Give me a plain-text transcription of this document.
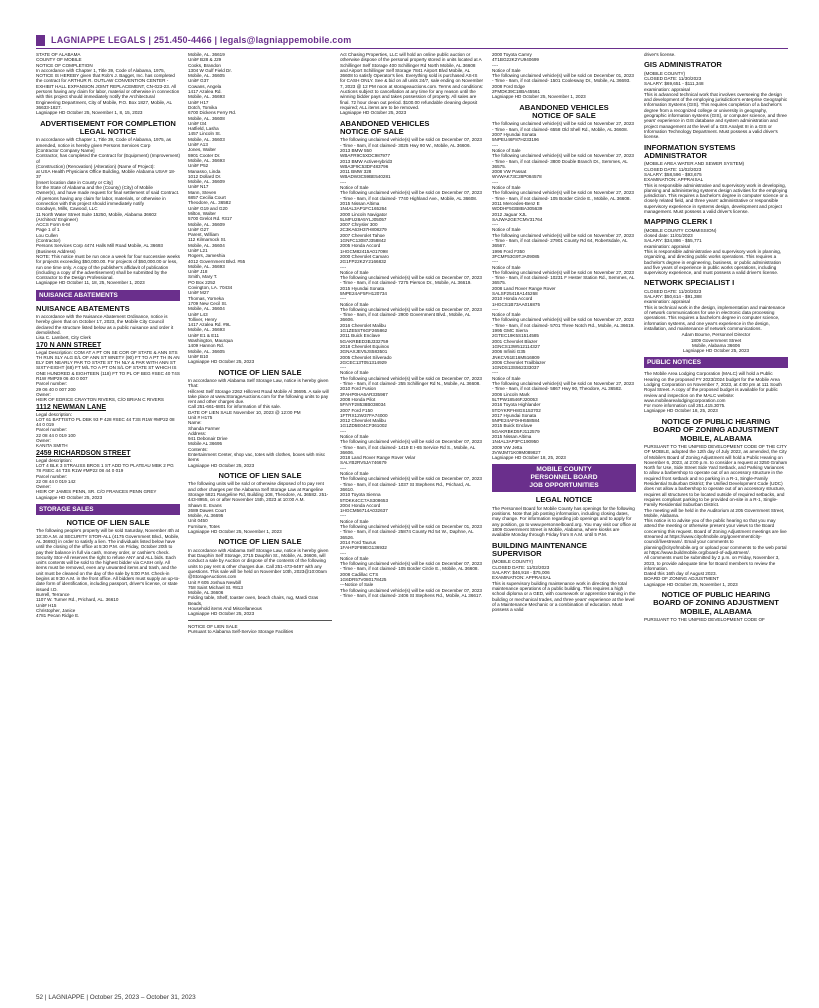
LAGNIAPPE LEGALS | 251.450-4466 | legals@lagniappemobile.com

STATE OF ALABAMA
COUNTY OF MOBILE
NOTICE OF COMPLETION
In accordance with Chapter 1, Title 39, Code of Alabama, 1975, NOTICE IS HEREBY given that Rob's J. Bagget, Inc. has completed the contract for ARTHUR R. OUTLAW CONVENTION CENTER - EXHIBIT HALL EXPANSION JOINT REPLACEMENT, CN-023-23. All persons having any claim for labor, material or otherwise in connection with this project should immediately notify the Architectural Engineering Department, City of Mobile, P.O. Box 1827, Mobile, AL 36633-1827.
Lagniappe HD October 25, November 1, 8, 15, 2023

ADVERTISEMENT FOR COMPLETION
LEGAL NOTICE

In accordance with Chapter 1, Title 39, Code of Alabama, 1975, as amended, notice is hereby given Persons Services Corp
[Contractor Company Name]
Contractor, has completed the Contract for (Equipment) (Improvement) of
(Construction) (Renovation) (Alteration) (Name of Project):
at USA Health Physicians Office Building, Mobile Alabama USA# 18-37
[Insert location date in County or City]
for the State of Alabama and the (County) (City) of Mobile
Owner(s), and have made request for final settlement of said Contract. All persons having any claim for labor, materials, or otherwise in connection with this project should immediately notify
Goodwyn, Mills, Cawood, LLC
11 North Water Street Suite 15250, Mobile, Alabama 36602
(Architect/ Engineer)
ACCS Form 6-M
Page 1 of 1
Lou Cullen
(Contractor)
Persons Services Corp 4474 Halls Mill Road Mobile, AL 36693
(Business Address)
NOTE: This notice must be run once a week for four successive weeks for projects exceeding $50,000.00. For projects of $50,000.00 or less, run one time only. A copy of the publisher's affidavit of publication (including a copy of the advertisement) shall be submitted by the Contractor to the Design Professional.
Lagniappe HD October 11, 18, 25, November 1, 2023

NUISANCE ABATEMENTS
NUISANCE ABATEMENTS

In accordance with the Nuisance Abatement Ordinance, notice is hereby given that on October 17, 2023, the Mobile City Council declared the structure listed below as a public nuisance and order it demolished.
Lisa C. Lambert, City Clerk

170 N ANN STREET

Legal Description: COM AT A PT ON SE COR OF STATE & ANN STS TH RUN SLY ALG E/L OF ANN ST WNETY (90) FT TO A PT TH IN AN ELY DIR NEARLY PAR TO STATE ST TH NLY & PAR WITH ANN ST SIXTY-EIGHT (68) FT M/L TO A PT ON S/L OF STATE ST WHICH IS ONE HUNDRED & EIGHTEEN (118) FT TO PL OF BEG #SEC 40 T4S R1W #MP29 06 40 0 007
Parcel number:
29 06 40 0 007 200
Owner:
HEIR OF EDRICE CRAYTON RIVERS, C/O BRIAN C RIVERS

1112 NEWMAN LANE

Legal description:
LOT 61 BATTISTO PL DBK 93 P 428 #SEC 44 T3S R1W #MP22 08 44 0 019
Parcel number:
22 08 44 0 019 100
Owner:
KANITA SMITH

2459 RICHARDSON STREET

Legal description:
LOT 4 BLK 3 STRAUSS BROS 1 ST ADD TO PLATEAU MBK 2 PG 78 #SEC 44 T3S R1W #MP22 08 44 0 019
Parcel number:
22 08 44 0 019 142
Owner:
HEIR OF JAMES PENN, SR. C/O FRANCES PENN GREY
Lagniappe HD October 25, 2023

STORAGE SALES
NOTICE OF LIEN SALE

The following people's property will be sold Saturday, November 4th at 10:30 A.M. at SECURITY STOR-ALL (4175 Government Blvd., Mobile, AL 36693) in order to satisfy a lien. The individuals listed below have until the closing of the office at 5:30 P.M. on Friday, October 20th to pay their balance in full via cash, money order, or cashier's check.
Security Stor-All reserves the right to refuse ANY and ALL bids. Each unit's contents will be sold to the highest bidder via CASH only. All items must be removed, even any unwanted items and trash, and the unit must be cleaned on the day of the sale by 5:00 P.M. Check-in begins at 9:30 A.M. in the front office. All bidders must supply an up-to-date form of identification, including passport, driver's license, or state issued I.D.
Burrell, Terrance
1107 W. Turner Rd., Prichard, AL. 36610
Unit# H15
Christopher, Janice
4781 Pecan Ridge E.

Mobile, AL. 36619
Unit# B28 & J29
Cooks, Brandon
1304 W Gulf Field Dr.
Mobile, AL. 36605
Unit# G37
Cowans, Angela
1417 Azalea Rd.
Mobile, AL. 36693
Unit# H17
Dotch, Tomika
6700 Dickens Ferry Rd.
Mobile, AL. 36608
Unit# I34
Hatfield, Lasha
1457 Lincoln St.
Mobile, AL. 36603
Unit# A13
Jones, Walter
5901 Cooter Dr.
Mobile, AL. 36693
Unit# P52
Manasso, Linda
1012 Dollard Dr.
Mobile, AL. 36609
Unit# N17
Mann, Steven
6857 Cecilia Court
Theodore, AL. 36582
Unit# G19 and G20
Milton, Walter
5700 Grelot Rd. #317
Mobile, AL. 36609
Unit# G27
Parent, William
112 Kilmarnock St.
Mobile, AL. 36604
Unit# L21
Rogers, Jameshia
4012 Government Blvd. #55
Mobile, AL. 36693
Unit# J18
Smith, Mary T.
PO Box 2252
Covington, LA. 70434
Unit# M27
Thomas, Yorneka
1709 New Cecil St.
Mobile, AL. 36604
Unit# L43
Tolliver, Henry
1417 Azalea Rd. #9L
Mobile, AL. 36693
Unit# E1 & E11
Washington, Maurqua
1409 Hannon Rd.
Mobile, AL. 36605
Unit# B10
Lagniappe HD October 25, 2023

NOTICE OF LIEN SALE

In accordance with Alabama Self Storage Law, notice is hereby given
That:
Hillcrest Self Storage 2262 Hillcrest Road Mobile Al 36695. A sale will take place at www.StorageAuctions.com for the following units to pay rent and other charges due.
Call 251-661-6801 for information of this sale.
DATE OF LIEN SALE November 10, 2023 @ 12:00 PM
Unit # H175
Name:
Shanda Farmer
Address:
941 Debonair Drive
Mobile AL 36695
Contents:
Entertainment Center, shop vac, totes with clothes, boxes with misc items
Lagniappe HD October 25, 2023

NOTICE OF LIEN SALE

The following units will be sold or otherwise disposed of to pay rent and other charges per the Alabama Self Storage Law at Rangeline Storage 5821 Rangeline Rd, Building 108, Theodore, AL 36582. 251-443-8955, on or after November 15th, 2023 at 10:00 A.M.
Shawn E. Evans
2689 Dawes Court
Mobile, AL 36695
Unit 0450
Furniture, Totes
Lagniappe HD October 25, November 1, 2023

NOTICE OF LIEN SALE

In accordance with Alabama Self Storage Law, notice is hereby given that Dauphin Self Storage, 2715 Dauphin St., Mobile, AL 36606, will conduct a sale by Auction or dispose of the contents of the following units to pay rent & other charges due. Call 251-473-6497 with any questions. This sale will be held on November 10th, 2023@10:00am @StorageAuctions.com
Unit # 605 Joshua Newbill
758 Saint Michael St. #813
Mobile, AL 36606
Folding table, Shelf, toaster oven, beach chairs, rug, Mardi Gras Beads,
Household items And Miscellaneous
Lagniappe HD October 25, 2023

NOTICE OF LIEN SALE
Pursuant to Alabama Self-Service Storage Facilities

Act Chasing Properties, LLC will hold an online public auction or otherwise dispose of the personal property stored in units located at A Schillinger Self Storage 400 Schillinger Rd North Mobile, AL 36608 and Airport Schillinger Self Storage 7841 Airport Blvd Mobile, AL 36608 to satisfy Operator's lien. Everything sold is purchased AS-IS for CASH ONLY. See & bid on all units 24/7, sale ending on November 7, 2023 @ 12 PM noon at storageauctions.com. Terms and conditions: Auctions subject to cancellation at any time for any reason until the winning bidder pays and takes possession of property. All sales are final. 72 hour clean out period. $100.00 refundable cleaning deposit required; ALL items are to be removed.
Lagniappe HD October 25, 2023

ABANDONED VEHICLES
NOTICE OF SALE

The following unclaimed vehicle(s) will be sold on December 07, 2023 - Time - 9am, if not claimed- 3025 Hwy 90 W., Mobile, AL 36606.
2013 BMW 550
WBAFR9C5XDC987977
2013 BMW ActiveHybrid3
WBA3F9C53DF483796
2011 BMW 328
WBADW3C59BE540281
----
Notice of Sale
The following unclaimed vehicle(s) will be sold on December 07, 2023 - Time - 9am, if not claimed- 7740 Highland Ave., Mobile, AL 36608.
2015 Nissan Altima
1N4AL3AP1FC165264
2000 Lincoln Navigator
5LMFU28A5YLJ05057
2007 Chrysler 300
2C3KA63H37H808279
2007 Chevrolet Tahoe
1GNFC13087J358842
2005 Honda Accord
1HGCM82415A017098
2000 Chevrolet Camaro
2G1FP22K2Y2166832
----
Notice of Sale
The following unclaimed vehicle(s) will be sold on December 07, 2023 - Time - 9am, if not claimed- 7275 Pierson Dr., Mobile, AL 36619.
2015 Hyundai Sonata
5NPE24AF5FH120734
----
Notice of Sale
The following unclaimed vehicle(s) will be sold on December 07, 2023 - Time - 9am, if not claimed- 2900 Government Blvd., Mobile, AL 36606.
2016 Chevrolet Malibu
1G1ZE5ST6GF265862
2011 Buick Enclave
5GAKRBED3BJ332759
2018 Chevrolet Equinox
3GNAXJEV5JS583501
2005 Chevrolet Silverado
2GCEC13T051314929
----
Notice of Sale
The following unclaimed vehicle(s) will be sold on December 07, 2023 - Time - 9am, if not claimed- 255 Schillinger Rd N., Mobile, AL 36608.
2010 Ford Fusion
3FAHP0HA6AR335987
2008 Honda Pilot
5FNYF28538B038034
2007 Ford F150
1FTRX12W37FA74000
2012 Chevrolet Malibu
1G1ZD5E04CF361002
----
Notice of Sale
The following unclaimed vehicle(s) will be sold on December 07, 2023 - Time - 9am, if not claimed- 1419 E I-65 Service Rd S., Mobile, AL 36606.
2018 Land Rover Range Rover Velar
SALYB2RV5JA746679
----
Notice of Sale
The following unclaimed vehicle(s) will be sold on December 07, 2023 - Time - 9am, if not claimed- 1037 St Stephens Rd., Prichard, AL 36610.
2010 Toyota Sienna
5TDKK4CC7AS308653
2004 Honda Accord
1HGCM56714A032637
----
Notice of Sale
The following unclaimed vehicle(s) will be sold on December 01, 2023 - Time - 9am, if not claimed- 25874 County Rd 54 W., Daphne, AL 36526.
2014 Ford Taurus
1FAHP2F89EG136932
----
Notice of Sale
The following unclaimed vehicle(s) will be sold on December 07, 2023 - Time - 9am, if not claimed- 105 Border Circle E., Mobile, AL 36608.
2008 Cadillac CTS
1G6DR57V080178425
---Notice of Sale
The following unclaimed vehicle(s) will be sold on December 07, 2023 - Time - 9am, if not claimed- 2406 St Stephens Rd., Mobile, AL 36617.

2000 Toyota Camry
4T1BG22K2YU940699
----
Notice of Sale
The following unclaimed vehicle(s) will be sold on December 01, 2023 - Time - 9am, if not claimed- 1501 Coolesway Dr., Mobile, AL 36693.
2008 Ford Edge
2FMDK39C18BA45561
Lagniappe HD October 25, November 1, 2023

ABANDONED VEHICLES
NOTICE OF SALE

The following unclaimed vehicle(s) will be sold on November 27, 2023 - Time - 9am, if not claimed- 6558 Old Shell Rd., Mobile, AL 36608.
2007 Hyundai Sonata
5NPEU46F87H233196
----
Notice of Sale
The following unclaimed vehicle(s) will be sold on November 27, 2023 - Time - 9am, if not claimed- 3800 Double Branch Dr., Semmes, AL 36575.
2008 VW Passat
WVWAK73C28P084578
----
Notice of Sale
The following unclaimed vehicle(s) will be sold on November 27, 2023 - Time - 9am, if not claimed- 105 Border Circle E., Mobile, AL 36608.
2011 Mercedes-Benz E
WDDHF5GB8BA305639
2012 Jaguar XJL
SAJWA2GE7CMV31764
----
Notice of Sale
The following unclaimed vehicle(s) will be sold on November 27, 2023 - Time - 9am, if not claimed- 27901 County Rd 64, Robertsdale, AL 36567.
1996 Ford F350
3FCMF53G9TJA09085
----
Notice of Sale
The following unclaimed vehicle(s) will be sold on November 27, 2023 - Time - 9am, if not claimed- 10231 F Hester Station Rd., Semmes, AL 36575.
2008 Land Rover Range Rover
SALSF25418A145268
2010 Honda Accord
1HGCS1B73AA016875
----
Notice of Sale
The following unclaimed vehicle(s) will be sold on November 27, 2023 - Time - 9am, if not claimed- 5701 Three Notch Rd., Mobile, AL 36619.
1995 GMC Sierra
2GTEC19K5S1514585
2001 Chevrolet Blazer
1GNCS13W512114327
2006 Infiniti G35
JNKCV51E16M516809
2006 Chevrolet Trailblazer
1GNDS13S562333037
----
Notice of Sale
The following unclaimed vehicle(s) will be sold on November 27, 2023 - Time - 9am, if not claimed- 5867 Hwy 90, Theodore, AL 36582.
2006 Lincoln Mark
5LTPW18546FJ20053
2016 Toyota Highlander
5TDYKRFH8GS153702
2017 Hyundai Sonata
5NPE24AF0HH558584
2015 Buick Enclave
5GAKRBKD5FJ112579
2015 Nissan Altima
1N4AL3AP3FC190950
2009 VW Jetta
3VWJM71K09M089827
Lagniappe HD October 18, 25, 2023

MOBILE COUNTY
PERSONNEL BOARD
JOB OPPORTUNITIES
LEGAL NOTICE

The Personnel Board for Mobile County has openings for the following positions. Note that job posting information, including closing dates, may change. For information regarding job openings and to apply for any position, go to www.personnelboard.org. You may visit our office at 1809 Government Street in Mobile, Alabama, where kiosks are available Monday through Friday from 8 A.M. until 5 P.M.

BUILDING MAINTENANCE SUPERVISOR

(MOBILE COUNTY)
CLOSED DATE: 11/02/2023
SALARY: $46,918 - $75,006
EXAMINATION: APPRAISAL
This is supervisory building maintenance work in directing the total maintenance operations of a public building. This requires a high school diploma or a GED, with coursework or apprentice training in the building or mechanical trades, and three years' experience at the level of a Maintenance Mechanic or a combination of education. Must possess a valid

driver's license.

GIS ADMINISTRATOR

(MOBILE COUNTY)
CLOSED DATE: 11/30/2023
SALARY: $69,651 - $111,348
examination: appraisal
This is advanced technical work that involves overseeing the design and development of the employing jurisdiction's enterprise Geographic Information Systems (GIS). This requires completion of a bachelor's degree from a recognized college or university in geography, geographic information systems (GIS), or computer science, and three years' experience in GIS database and system administration and project management at the level of a GIS Analyst III in a GIS or Information Technology Department. Must possess a valid driver's license.

INFORMATION SYSTEMS ADMINISTRATOR

(MOBILE AREA WATER AND SEWER SYSTEM)
CLOSED DATE: 11/02/2023
SALARY: $58,596 - $93,675
EXAMINATION: APPRAISAL
This is responsible administrative and supervisory work in developing, planning and administering systems design activities for the employing jurisdiction. This requires a bachelor's degree in computer science or a closely related field, and three years' administrative or responsible supervisory experience in systems design, development and project management. Must possess a valid driver's license.

MAPPING CLERK I

(MOBILE COUNTY COMMISSION)
closed date: 11/01/2023
SALARY: $34,886 - $55,771
examination: appraisal
This is responsible administrative and supervisory work in planning, organizing, and directing public works operations. This requires a bachelor's degree in engineering, business, or public administration and five years of experience in public works operations, including supervisory experience, and must possess a valid driver's license.

NETWORK SPECIALIST I

CLOSED DATE: 11/20/2023
SALARY: $50,614 - $91,388
examination: appraisal
This is technical work in the design, implementation and maintenance of network communications for use in electronic data processing operations. This requires a bachelor's degree in computer science, information systems, and one year's experience in the design, installation, and maintenance of network communications.

Adam Bourne, Personnel Director
1809 Government Street
Mobile, Alabama 36606
Lagniappe HD October 25, 2023

PUBLIC NOTICES

The Mobile Area Lodging Corporation (MALC) will hold a Public Hearing on the proposed FY 2023/2024 budget for the Mobile Area Lodging Corporation on November 7, 2023, at 4:00 pm at 111 South Royal Street. A copy of the proposed budget is available for public review and inspection on the MALC website: www.mobilearealodgingcorporation.com
For more information call 251.415.3075.
Lagniappe HD October 18, 25, 2023

NOTICE OF PUBLIC HEARING
BOARD OF ZONING ADJUSTMENT
MOBILE, ALABAMA

PURSUANT TO THE UNIFIED DEVELOPMENT CODE OF THE CITY OF MOBILE, adopted the 12th day of July 2022, as amended, the City of Mobile's Board of Zoning Adjustment will hold a Public Hearing on November 6, 2023, at 2:00 p.m. to consider a request at 3250 Graham North for Use, Side Street Side Yard Setback, and Parking Variances to allow a barbershop to operate out of an accessory structure in the required front setback and no parking in a R-1, Single-Family Residential Suburban District; the Unified Development Code (UDC) does not allow a barbershop to operate out of an accessory structure, requires all structures to be located outside of required setbacks, and requires compliant parking to be provided on-site in a R-1, Single-Family Residential Suburban District.
The meeting will be held in the Auditorium at 205 Government Street, Mobile, Alabama.
This notice is to advise you of the public hearing so that you may attend the meeting or otherwise present your views to the Board concerning this request. Board of Zoning Adjustment meetings are live streamed at https://www.cityofmobile.org/government/city-council/livestream/. Email your comments to planning@cityofmobile.org or upload your comments to the web portal at https://www.buildmobile.org/board-of-adjustment/.
All comments must be submitted by 2 p.m. on Friday, November 3, 2023, to provide adequate time for Board members to review the information.
Dated this 16th day of August 2023.
BOARD OF ZONING ADJUSTMENT
Lagniappe HD October 25, November 1, 2023

NOTICE OF PUBLIC HEARING
BOARD OF ZONING ADJUSTMENT
MOBILE, ALABAMA

PURSUANT TO THE UNIFIED DEVELOPMENT CODE OF

52 | LAGNIAPPE | October 25, 2023 – October 31, 2023
